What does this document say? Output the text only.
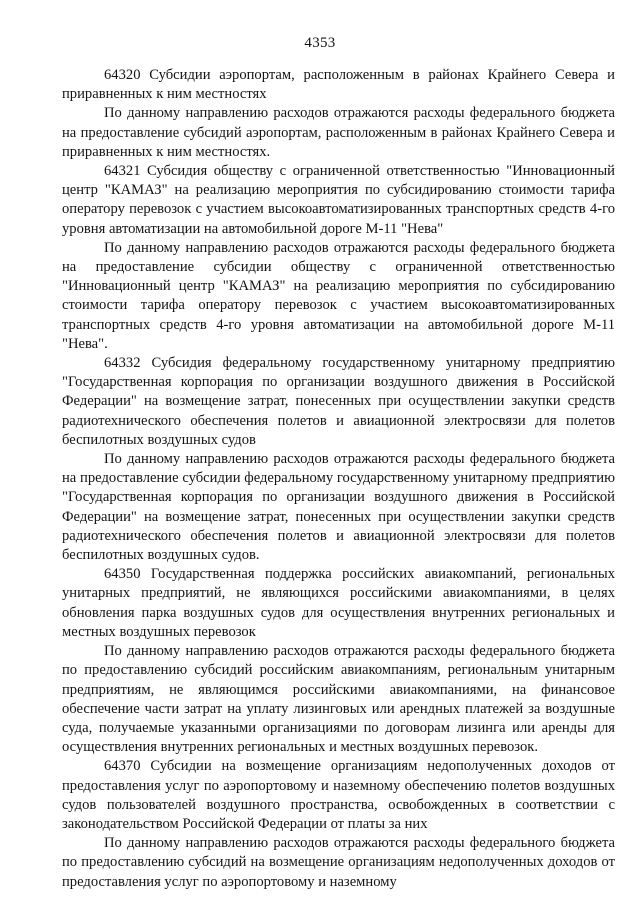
4353

64320 Субсидии аэропортам, расположенным в районах Крайнего Севера и приравненных к ним местностях

По данному направлению расходов отражаются расходы федерального бюджета на предоставление субсидий аэропортам, расположенным в районах Крайнего Севера и приравненных к ним местностях.

64321 Субсидия обществу с ограниченной ответственностью "Инновационный центр "КАМАЗ" на реализацию мероприятия по субсидированию стоимости тарифа оператору перевозок с участием высокоавтоматизированных транспортных средств 4-го уровня автоматизации на автомобильной дороге М-11 "Нева"

По данному направлению расходов отражаются расходы федерального бюджета на предоставление субсидии обществу с ограниченной ответственностью "Инновационный центр "КАМАЗ" на реализацию мероприятия по субсидированию стоимости тарифа оператору перевозок с участием высокоавтоматизированных транспортных средств 4-го уровня автоматизации на автомобильной дороге М-11 "Нева".

64332 Субсидия федеральному государственному унитарному предприятию "Государственная корпорация по организации воздушного движения в Российской Федерации" на возмещение затрат, понесенных при осуществлении закупки средств радиотехнического обеспечения полетов и авиационной электросвязи для полетов беспилотных воздушных судов

По данному направлению расходов отражаются расходы федерального бюджета на предоставление субсидии федеральному государственному унитарному предприятию "Государственная корпорация по организации воздушного движения в Российской Федерации" на возмещение затрат, понесенных при осуществлении закупки средств радиотехнического обеспечения полетов и авиационной электросвязи для полетов беспилотных воздушных судов.

64350 Государственная поддержка российских авиакомпаний, региональных унитарных предприятий, не являющихся российскими авиакомпаниями, в целях обновления парка воздушных судов для осуществления внутренних региональных и местных воздушных перевозок

По данному направлению расходов отражаются расходы федерального бюджета по предоставлению субсидий российским авиакомпаниям, региональным унитарным предприятиям, не являющимся российскими авиакомпаниями, на финансовое обеспечение части затрат на уплату лизинговых или арендных платежей за воздушные суда, получаемые указанными организациями по договорам лизинга или аренды для осуществления внутренних региональных и местных воздушных перевозок.

64370 Субсидии на возмещение организациям недополученных доходов от предоставления услуг по аэропортовому и наземному обеспечению полетов воздушных судов пользователей воздушного пространства, освобожденных в соответствии с законодательством Российской Федерации от платы за них

По данному направлению расходов отражаются расходы федерального бюджета по предоставлению субсидий на возмещение организациям недополученных доходов от предоставления услуг по аэропортовому и наземному
